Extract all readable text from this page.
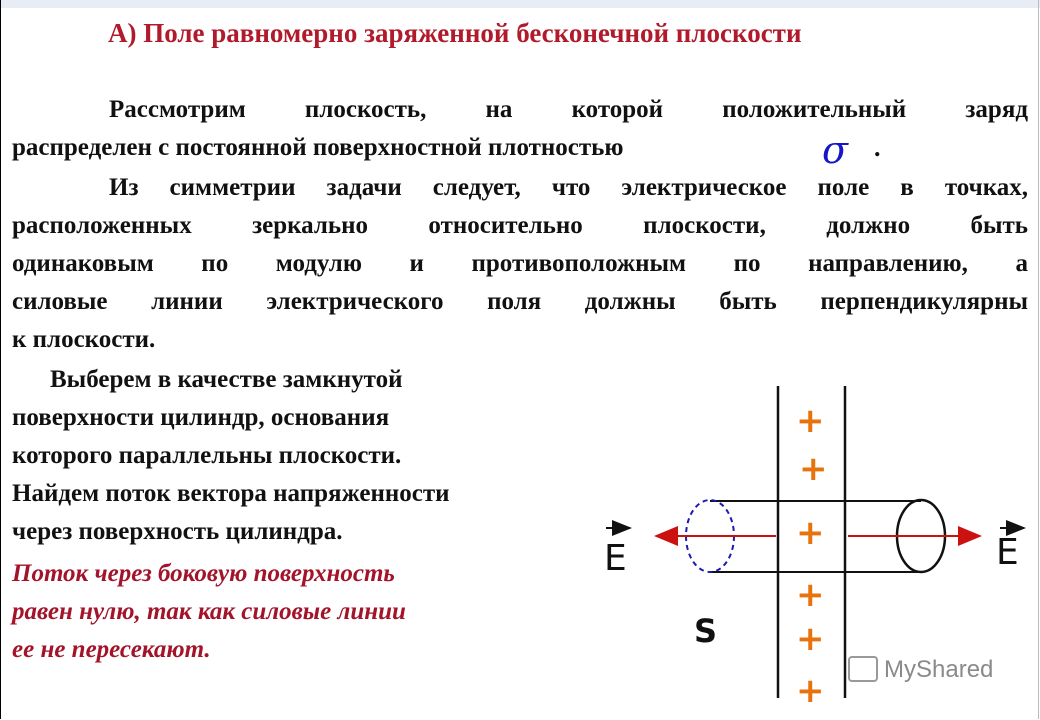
А) Поле равномерно заряженной бесконечной плоскости
Рассмотрим плоскость, на которой положительный заряд
распределен с постоянной поверхностной плотностью	σ .
Из симметрии задачи следует, что электрическое поле в точках,
расположенных зеркально относительно плоскости, должно быть
одинаковым по модулю и противоположным по направлению, а
силовые линии электрического поля должны быть перпендикулярны
к плоскости.
Выберем в качестве замкнутой
поверхности цилиндр, основания
которого параллельны плоскости.
Найдем поток вектора напряженности
через поверхность цилиндра.
Поток через боковую поверхность
равен нулю, так как силовые линии
ее не пересекают.
+
+
+
+
+
+
E	E
S
MyShared
